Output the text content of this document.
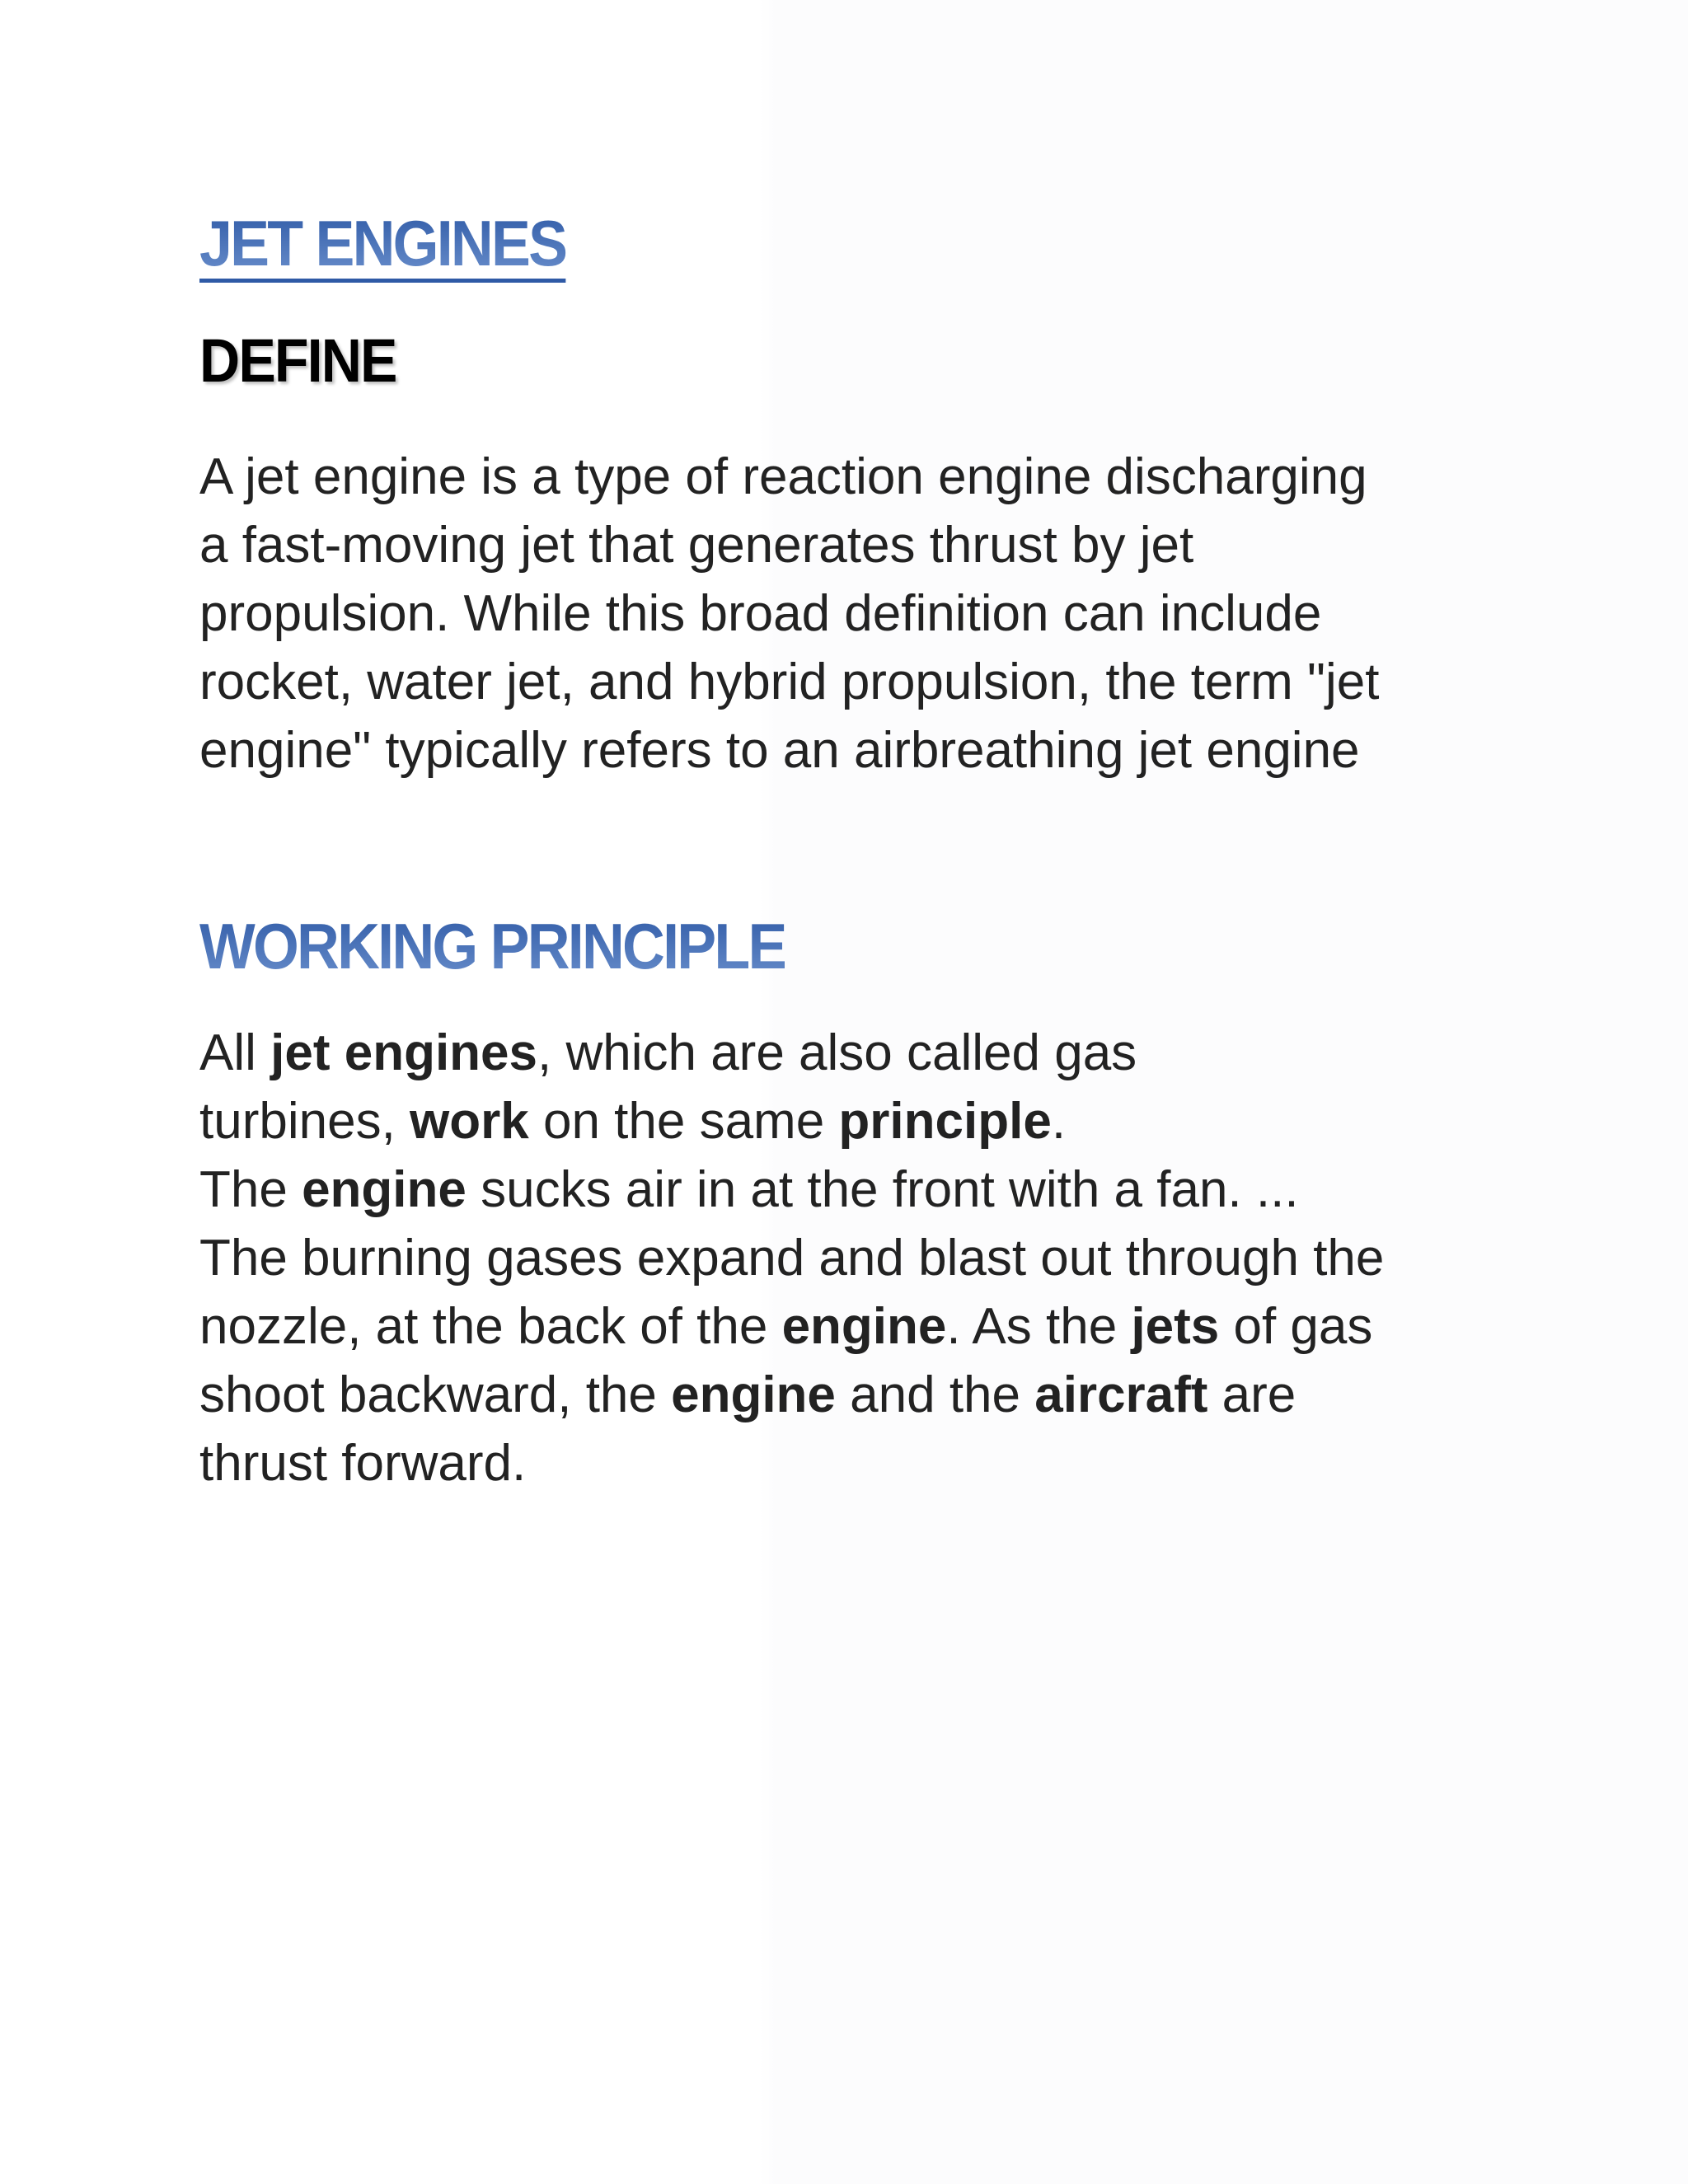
JET ENGINES
DEFINE
A jet engine is a type of reaction engine discharging
a fast-moving jet that generates thrust by jet
propulsion. While this broad definition can include
rocket, water jet, and hybrid propulsion, the term "jet
engine" typically refers to an airbreathing jet engine
WORKING PRINCIPLE
All jet engines, which are also called gas
turbines, work on the same principle.
The engine sucks air in at the front with a fan. ...
The burning gases expand and blast out through the
nozzle, at the back of the engine. As the jets of gas
shoot backward, the engine and the aircraft are
thrust forward.
